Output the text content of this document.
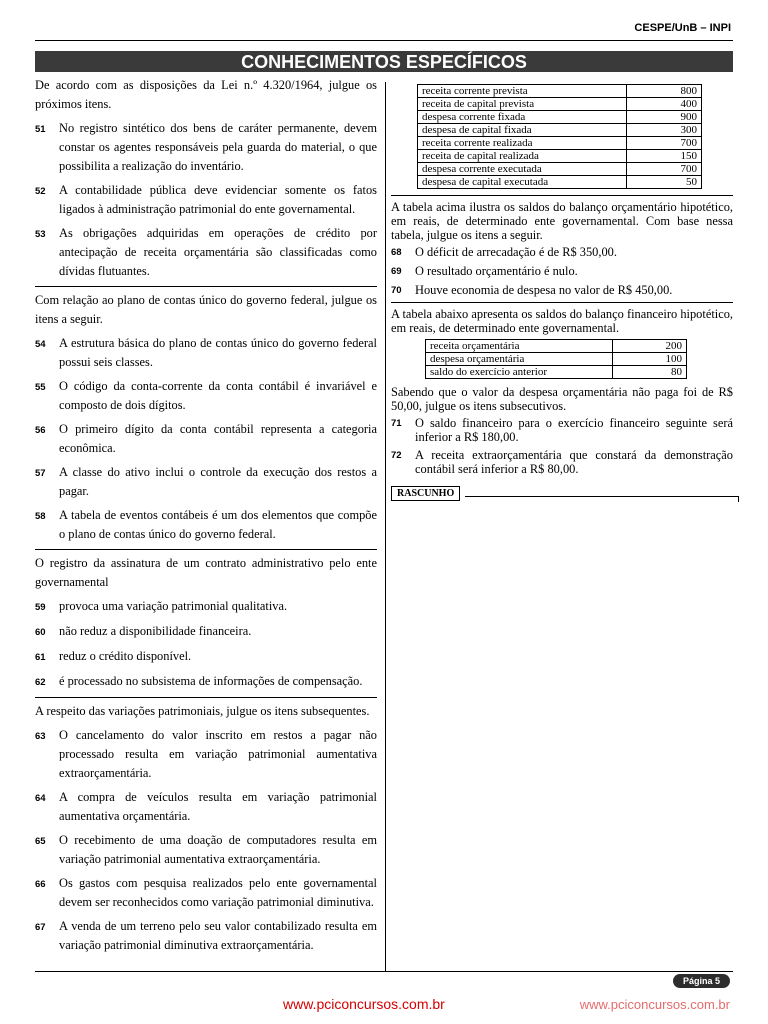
CESPE/UnB – INPI
CONHECIMENTOS ESPECÍFICOS

De acordo com as disposições da Lei n.º 4.320/1964, julgue os próximos itens.

51	No registro sintético dos bens de caráter permanente, devem constar os agentes responsáveis pela guarda do material, o que possibilita a realização do inventário.
52	A contabilidade pública deve evidenciar somente os fatos ligados à administração patrimonial do ente governamental.
53	As obrigações adquiridas em operações de crédito por antecipação de receita orçamentária são classificadas como dívidas flutuantes.

Com relação ao plano de contas único do governo federal, julgue os itens a seguir.

54	A estrutura básica do plano de contas único do governo federal possui seis classes.
55	O código da conta-corrente da conta contábil é invariável e composto de dois dígitos.
56	O primeiro dígito da conta contábil representa a categoria econômica.
57	A classe do ativo inclui o controle da execução dos restos a pagar.
58	A tabela de eventos contábeis é um dos elementos que compõe o plano de contas único do governo federal.

O registro da assinatura de um contrato administrativo pelo ente governamental

59	provoca uma variação patrimonial qualitativa.
60	não reduz a disponibilidade financeira.
61	reduz o crédito disponível.
62	é processado no subsistema de informações de compensação.

A respeito das variações patrimoniais, julgue os itens subsequentes.

63	O cancelamento do valor inscrito em restos a pagar não processado resulta em variação patrimonial aumentativa extraorçamentária.
64	A compra de veículos resulta em variação patrimonial aumentativa orçamentária.
65	O recebimento de uma doação de computadores resulta em variação patrimonial aumentativa extraorçamentária.
66	Os gastos com pesquisa realizados pelo ente governamental devem ser reconhecidos como variação patrimonial diminutiva.
67	A venda de um terreno pelo seu valor contabilizado resulta em variação patrimonial diminutiva extraorçamentária.
receita corrente prevista	800
receita de capital prevista	400
despesa corrente fixada	900
despesa de capital fixada	300
receita corrente realizada	700
receita de capital realizada	150
despesa corrente executada	700
despesa de capital executada	50

A tabela acima ilustra os saldos do balanço orçamentário hipotético, em reais, de determinado ente governamental. Com base nessa tabela, julgue os itens a seguir.

68	O déficit de arrecadação é de R$ 350,00.
69	O resultado orçamentário é nulo.
70	Houve economia de despesa no valor de R$ 450,00.

A tabela abaixo apresenta os saldos do balanço financeiro hipotético, em reais, de determinado ente governamental.

receita orçamentária	200
despesa orçamentária	100
saldo do exercício anterior	80

Sabendo que o valor da despesa orçamentária não paga foi de R$ 50,00, julgue os itens subsecutivos.

71	O saldo financeiro para o exercício financeiro seguinte será inferior a R$ 180,00.
72	A receita extraorçamentária que constará da demonstração contábil será inferior a R$ 80,00.
RASCUNHO
Página 5
www.pciconcursos.com.br	www.pciconcursos.com.br
